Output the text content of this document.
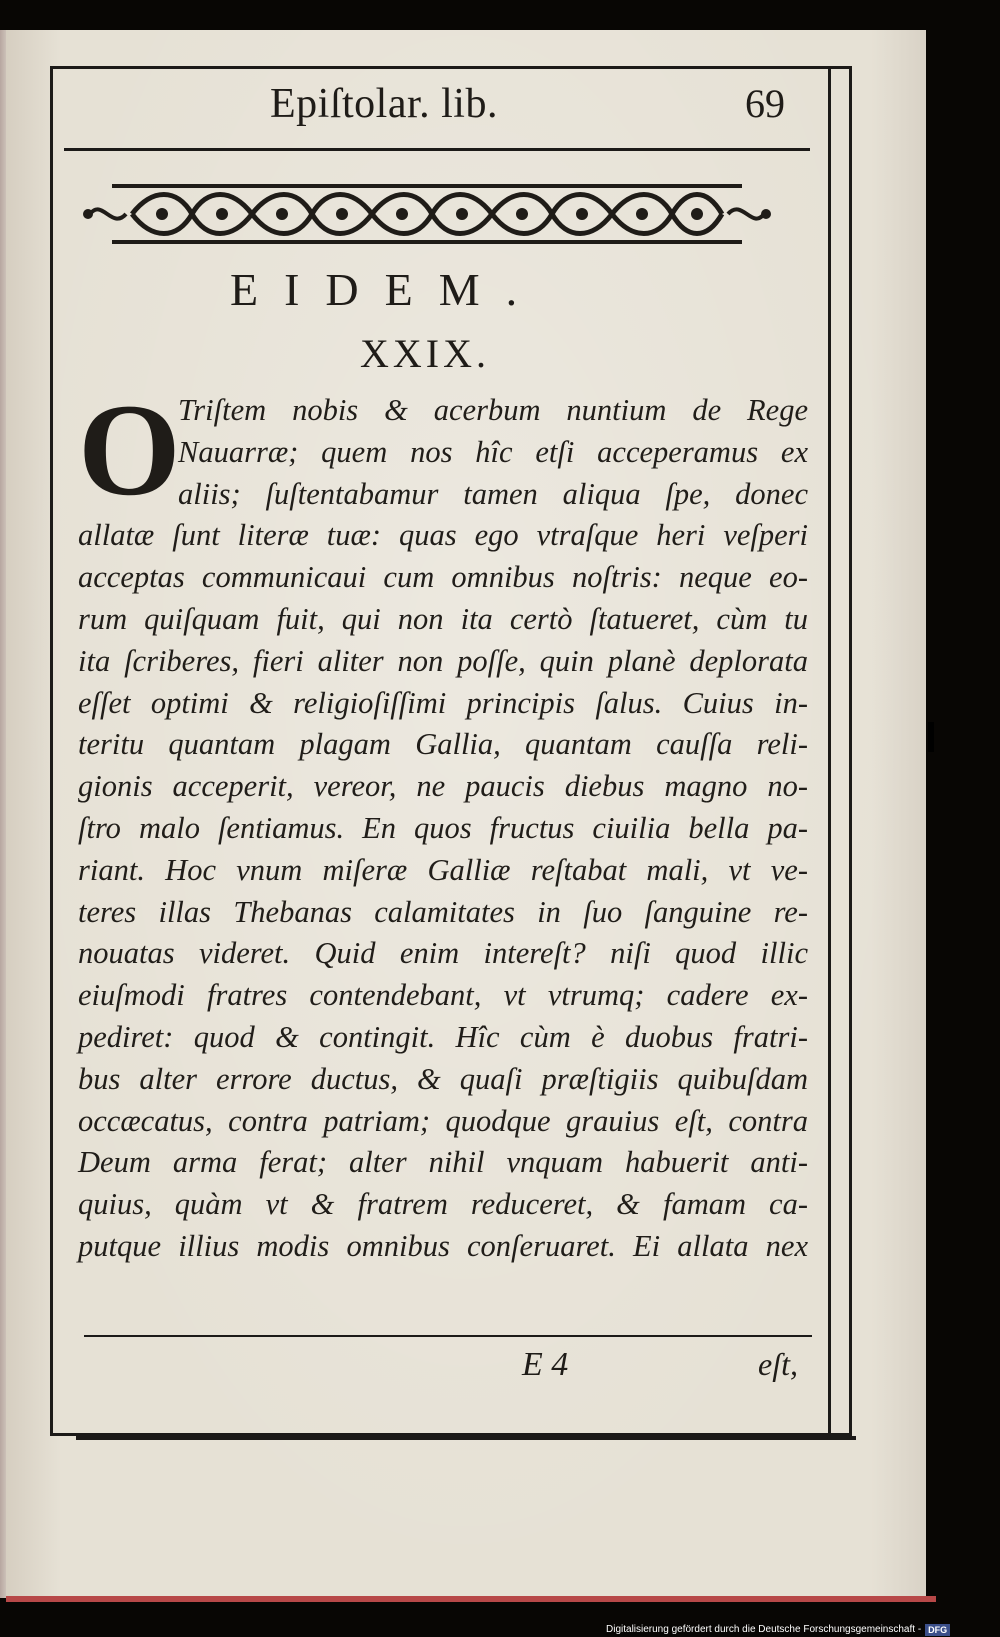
Epiſtolar. lib.	69
EIDEM.
XXIX.
O
Triſtem nobis & acerbum nuntium de Rege
Nauarræ; quem nos hîc etſi acceperamus ex
aliis; ſuſtentabamur tamen aliqua ſpe, donec
allatæ ſunt literæ tuæ: quas ego vtraſque heri veſperi
acceptas communicaui cum omnibus noſtris: neque eo-
rum quiſquam fuit, qui non ita certò ſtatueret, cùm tu
ita ſcriberes, fieri aliter non poſſe, quin planè deplorata
eſſet optimi & religioſiſſimi principis ſalus. Cuius in-
teritu quantam plagam Gallia, quantam cauſſa reli-
gionis acceperit, vereor, ne paucis diebus magno no-
ſtro malo ſentiamus. En quos fructus ciuilia bella pa-
riant. Hoc vnum miſeræ Galliæ reſtabat mali, vt ve-
teres illas Thebanas calamitates in ſuo ſanguine re-
nouatas videret. Quid enim intereſt? niſi quod illic
eiuſmodi fratres contendebant, vt vtrumq; cadere ex-
pediret: quod & contingit. Hîc cùm è duobus fratri-
bus alter errore ductus, & quaſi præſtigiis quibuſdam
occæcatus, contra patriam; quodque grauius eſt, contra
Deum arma ferat; alter nihil vnquam habuerit anti-
quius, quàm vt & fratrem reduceret, & famam ca-
putque illius modis omnibus conſeruaret. Ei allata nex
E 4	eſt,
Digitalisierung gefördert durch die Deutsche Forschungsgemeinschaft - DFG
